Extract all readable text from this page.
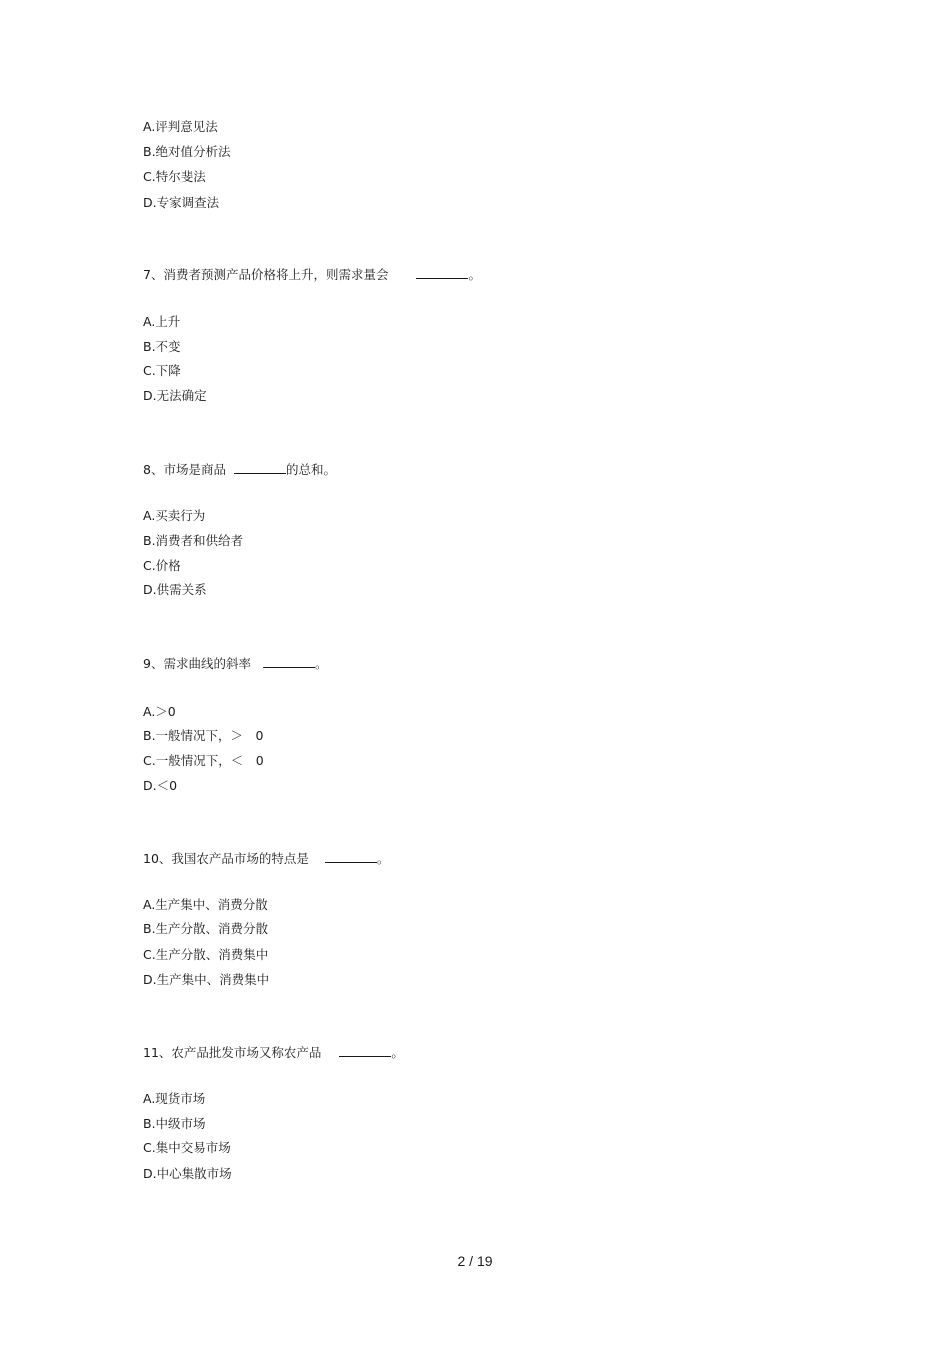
A.评判意见法
B.绝对值分析法
C.特尔斐法
D.专家调查法
7、消费者预测产品价格将上升，则需求量会	。
A.上升
B.不变
C.下降
D.无法确定
8、市场是商品	的总和。
A.买卖行为
B.消费者和供给者
C.价格
D.供需关系
9、需求曲线的斜率	。
A.＞0
B.一般情况下，＞　0
C.一般情况下，＜　0
D.＜0
10、我国农产品市场的特点是	。
A.生产集中、消费分散
B.生产分散、消费分散
C.生产分散、消费集中
D.生产集中、消费集中
11、农产品批发市场又称农产品	。
A.现货市场
B.中级市场
C.集中交易市场
D.中心集散市场
2 / 19
